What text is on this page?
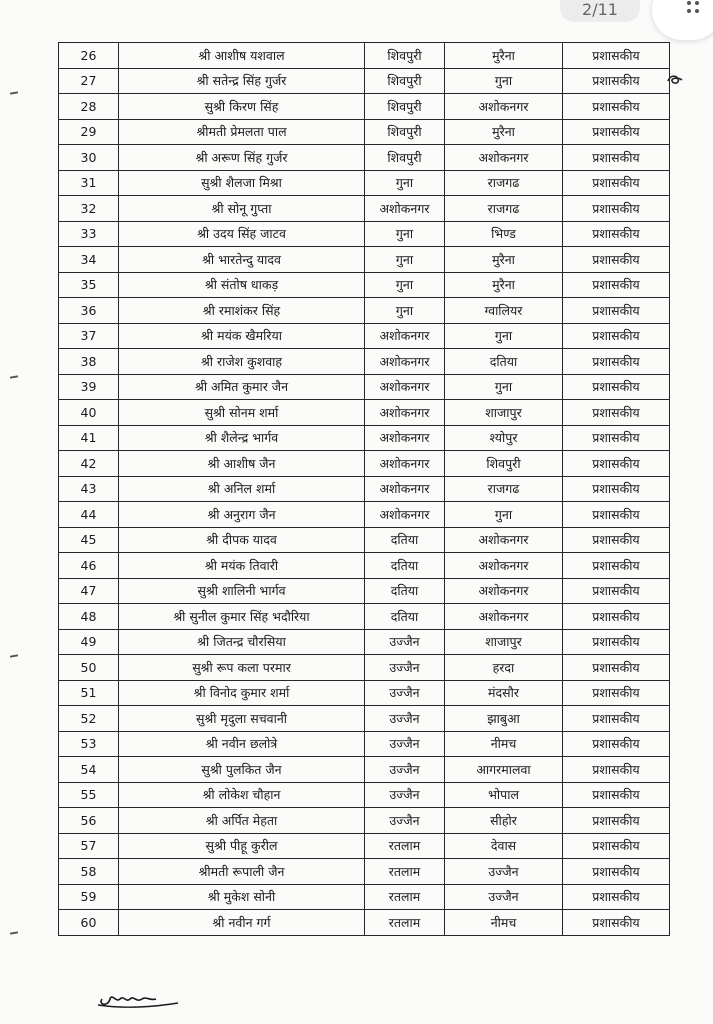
2/11
26	श्री आशीष यशवाल	शिवपुरी	मुरैना	प्रशासकीय
27	श्री सतेन्द्र सिंह गुर्जर	शिवपुरी	गुना	प्रशासकीय
28	सुश्री किरण सिंह	शिवपुरी	अशोकनगर	प्रशासकीय
29	श्रीमती प्रेमलता पाल	शिवपुरी	मुरैना	प्रशासकीय
30	श्री अरूण सिंह गुर्जर	शिवपुरी	अशोकनगर	प्रशासकीय
31	सुश्री शैलजा मिश्रा	गुना	राजगढ	प्रशासकीय
32	श्री सोनू गुप्ता	अशोकनगर	राजगढ	प्रशासकीय
33	श्री उदय सिंह जाटव	गुना	भिण्ड	प्रशासकीय
34	श्री भारतेन्दु यादव	गुना	मुरैना	प्रशासकीय
35	श्री संतोष धाकड़	गुना	मुरैना	प्रशासकीय
36	श्री रमाशंकर सिंह	गुना	ग्वालियर	प्रशासकीय
37	श्री मयंक खैमरिया	अशोकनगर	गुना	प्रशासकीय
38	श्री राजेश कुशवाह	अशोकनगर	दतिया	प्रशासकीय
39	श्री अमित कुमार जैन	अशोकनगर	गुना	प्रशासकीय
40	सुश्री सोनम शर्मा	अशोकनगर	शाजापुर	प्रशासकीय
41	श्री शैलेन्द्र भार्गव	अशोकनगर	श्योपुर	प्रशासकीय
42	श्री आशीष जैन	अशोकनगर	शिवपुरी	प्रशासकीय
43	श्री अनिल शर्मा	अशोकनगर	राजगढ	प्रशासकीय
44	श्री अनुराग जैन	अशोकनगर	गुना	प्रशासकीय
45	श्री दीपक यादव	दतिया	अशोकनगर	प्रशासकीय
46	श्री मयंक तिवारी	दतिया	अशोकनगर	प्रशासकीय
47	सुश्री शालिनी भार्गव	दतिया	अशोकनगर	प्रशासकीय
48	श्री सुनील कुमार सिंह भदौरिया	दतिया	अशोकनगर	प्रशासकीय
49	श्री जितन्द्र चौरसिया	उज्जैन	शाजापुर	प्रशासकीय
50	सुश्री रूप कला परमार	उज्जैन	हरदा	प्रशासकीय
51	श्री विनोद कुमार शर्मा	उज्जैन	मंदसौर	प्रशासकीय
52	सुश्री मृदुला सचवानी	उज्जैन	झाबुआ	प्रशासकीय
53	श्री नवीन छलोत्रे	उज्जैन	नीमच	प्रशासकीय
54	सुश्री पुलकित जैन	उज्जैन	आगरमालवा	प्रशासकीय
55	श्री लोकेश चौहान	उज्जैन	भोपाल	प्रशासकीय
56	श्री अर्पित मेहता	उज्जैन	सीहोर	प्रशासकीय
57	सुश्री पीहू कुरील	रतलाम	देवास	प्रशासकीय
58	श्रीमती रूपाली जैन	रतलाम	उज्जैन	प्रशासकीय
59	श्री मुकेश सोनी	रतलाम	उज्जैन	प्रशासकीय
60	श्री नवीन गर्ग	रतलाम	नीमच	प्रशासकीय
